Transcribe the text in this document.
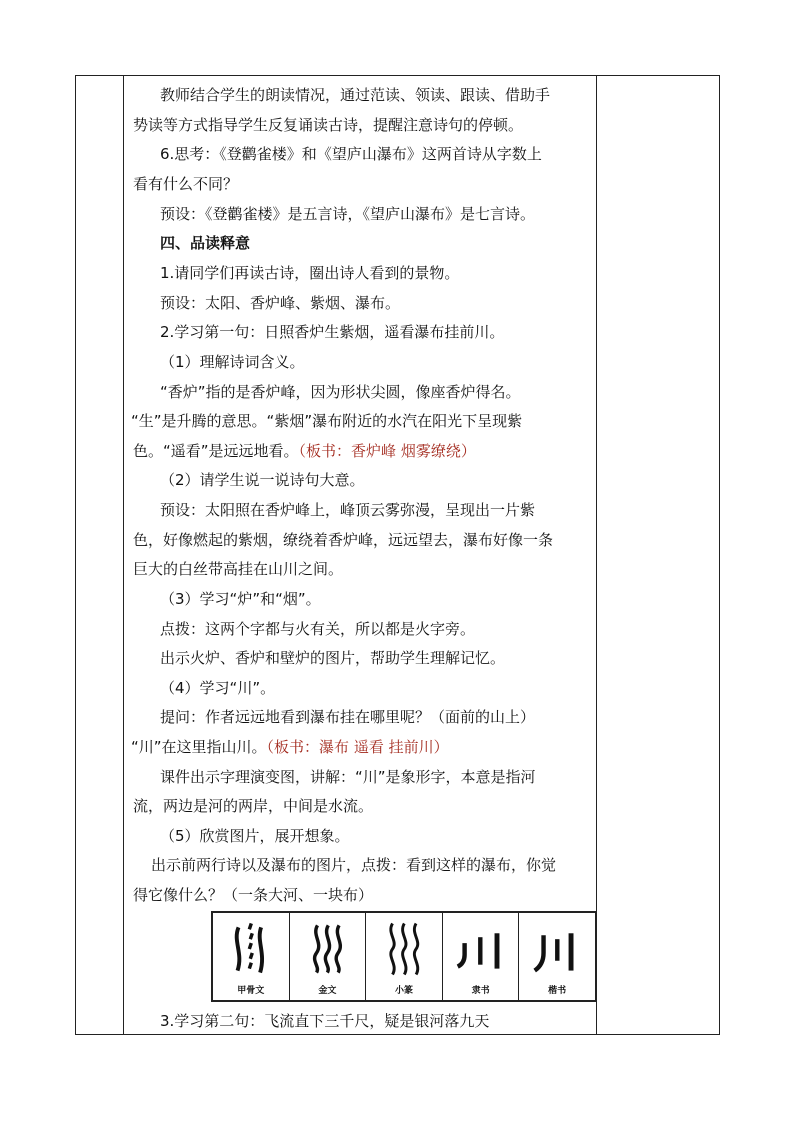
教师结合学生的朗读情况，通过范读、领读、跟读、借助手
势读等方式指导学生反复诵读古诗，提醒注意诗句的停顿。
6.思考：《登鹳雀楼》和《望庐山瀑布》这两首诗从字数上
看有什么不同？
预设：《登鹳雀楼》是五言诗，《望庐山瀑布》是七言诗。
四、品读释意
1.请同学们再读古诗，圈出诗人看到的景物。
预设：太阳、香炉峰、紫烟、瀑布。
2.学习第一句：日照香炉生紫烟，遥看瀑布挂前川。
（1）理解诗词含义。
“香炉”指的是香炉峰，因为形状尖圆，像座香炉得名。
“生”是升腾的意思。“紫烟”瀑布附近的水汽在阳光下呈现紫
色。“遥看”是远远地看。（板书：香炉峰 烟雾缭绕）
（2）请学生说一说诗句大意。
预设：太阳照在香炉峰上，峰顶云雾弥漫，呈现出一片紫
色，好像燃起的紫烟，缭绕着香炉峰，远远望去，瀑布好像一条
巨大的白丝带高挂在山川之间。
（3）学习“炉”和“烟”。
点拨：这两个字都与火有关，所以都是火字旁。
出示火炉、香炉和壁炉的图片，帮助学生理解记忆。
（4）学习“川”。
提问：作者远远地看到瀑布挂在哪里呢？（面前的山上）
“川”在这里指山川。（板书：瀑布 遥看 挂前川）
课件出示字理演变图，讲解：“川”是象形字，本意是指河
流，两边是河的两岸，中间是水流。
（5）欣赏图片，展开想象。
出示前两行诗以及瀑布的图片，点拨：看到这样的瀑布，你觉
得它像什么？（一条大河、一块布）
甲骨文	金文	小篆	隶书	楷书
3.学习第二句：飞流直下三千尺，疑是银河落九天
